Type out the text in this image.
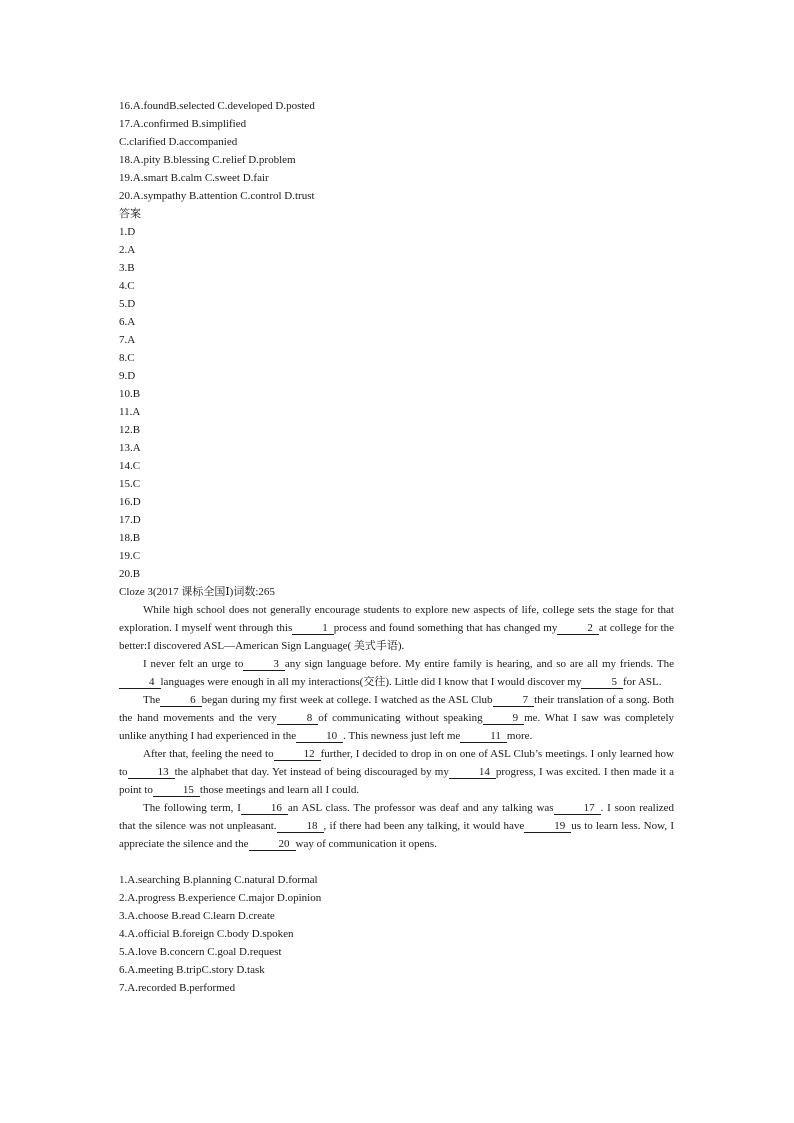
16.A.foundB.selected C.developed D.posted
17.A.confirmed B.simplified
C.clarified D.accompanied
18.A.pity B.blessing C.relief D.problem
19.A.smart B.calm C.sweet D.fair
20.A.sympathy B.attention C.control D.trust
答案
1.D
2.A
3.B
4.C
5.D
6.A
7.A
8.C
9.D
10.B
11.A
12.B
13.A
14.C
15.C
16.D
17.D
18.B
19.C
20.B
Cloze 3(2017 课标全国Ⅰ)词数:265
While high school does not generally encourage students to explore new aspects of life, college sets the stage for that exploration. I myself went through this	1 process and found something that has changed my	2 at college for the better:I discovered ASL—American Sign Language( 美式手语).
I never felt an urge to	3 any sign language before. My entire family is hearing, and so are all my friends. The4 languages were enough in all my interactions(交往). Little did I know that I would discover my	5 for ASL.
The	6 began during my first week at college. I watched as the ASL Club	7 their translation of a song. Both the hand movements and the very	8 of communicating without speaking	9 me. What I saw was completely unlike anything I had experienced in the	10 . This newness just left me	11 more.
After that, feeling the need to	12 further, I decided to drop in on one of ASL Club’s meetings. I only learned how to	13 the alphabet that day. Yet instead of being discouraged by my	14 progress, I was excited. I then made it a point to	15 those meetings and learn all I could.
The following term, I	16 an ASL class. The professor was deaf and any talking was	17 . I soon realized that the silence was not unpleasant.	18 , if there had been any talking, it would have	19 us to learn less. Now, I appreciate the silence and the	20 way of communication it opens.
1.A.searching B.planning C.natural D.formal
2.A.progress B.experience C.major D.opinion
3.A.choose B.read C.learn D.create
4.A.official B.foreign C.body D.spoken
5.A.love B.concern C.goal D.request
6.A.meeting B.tripC.story D.task
7.A.recorded B.performed
